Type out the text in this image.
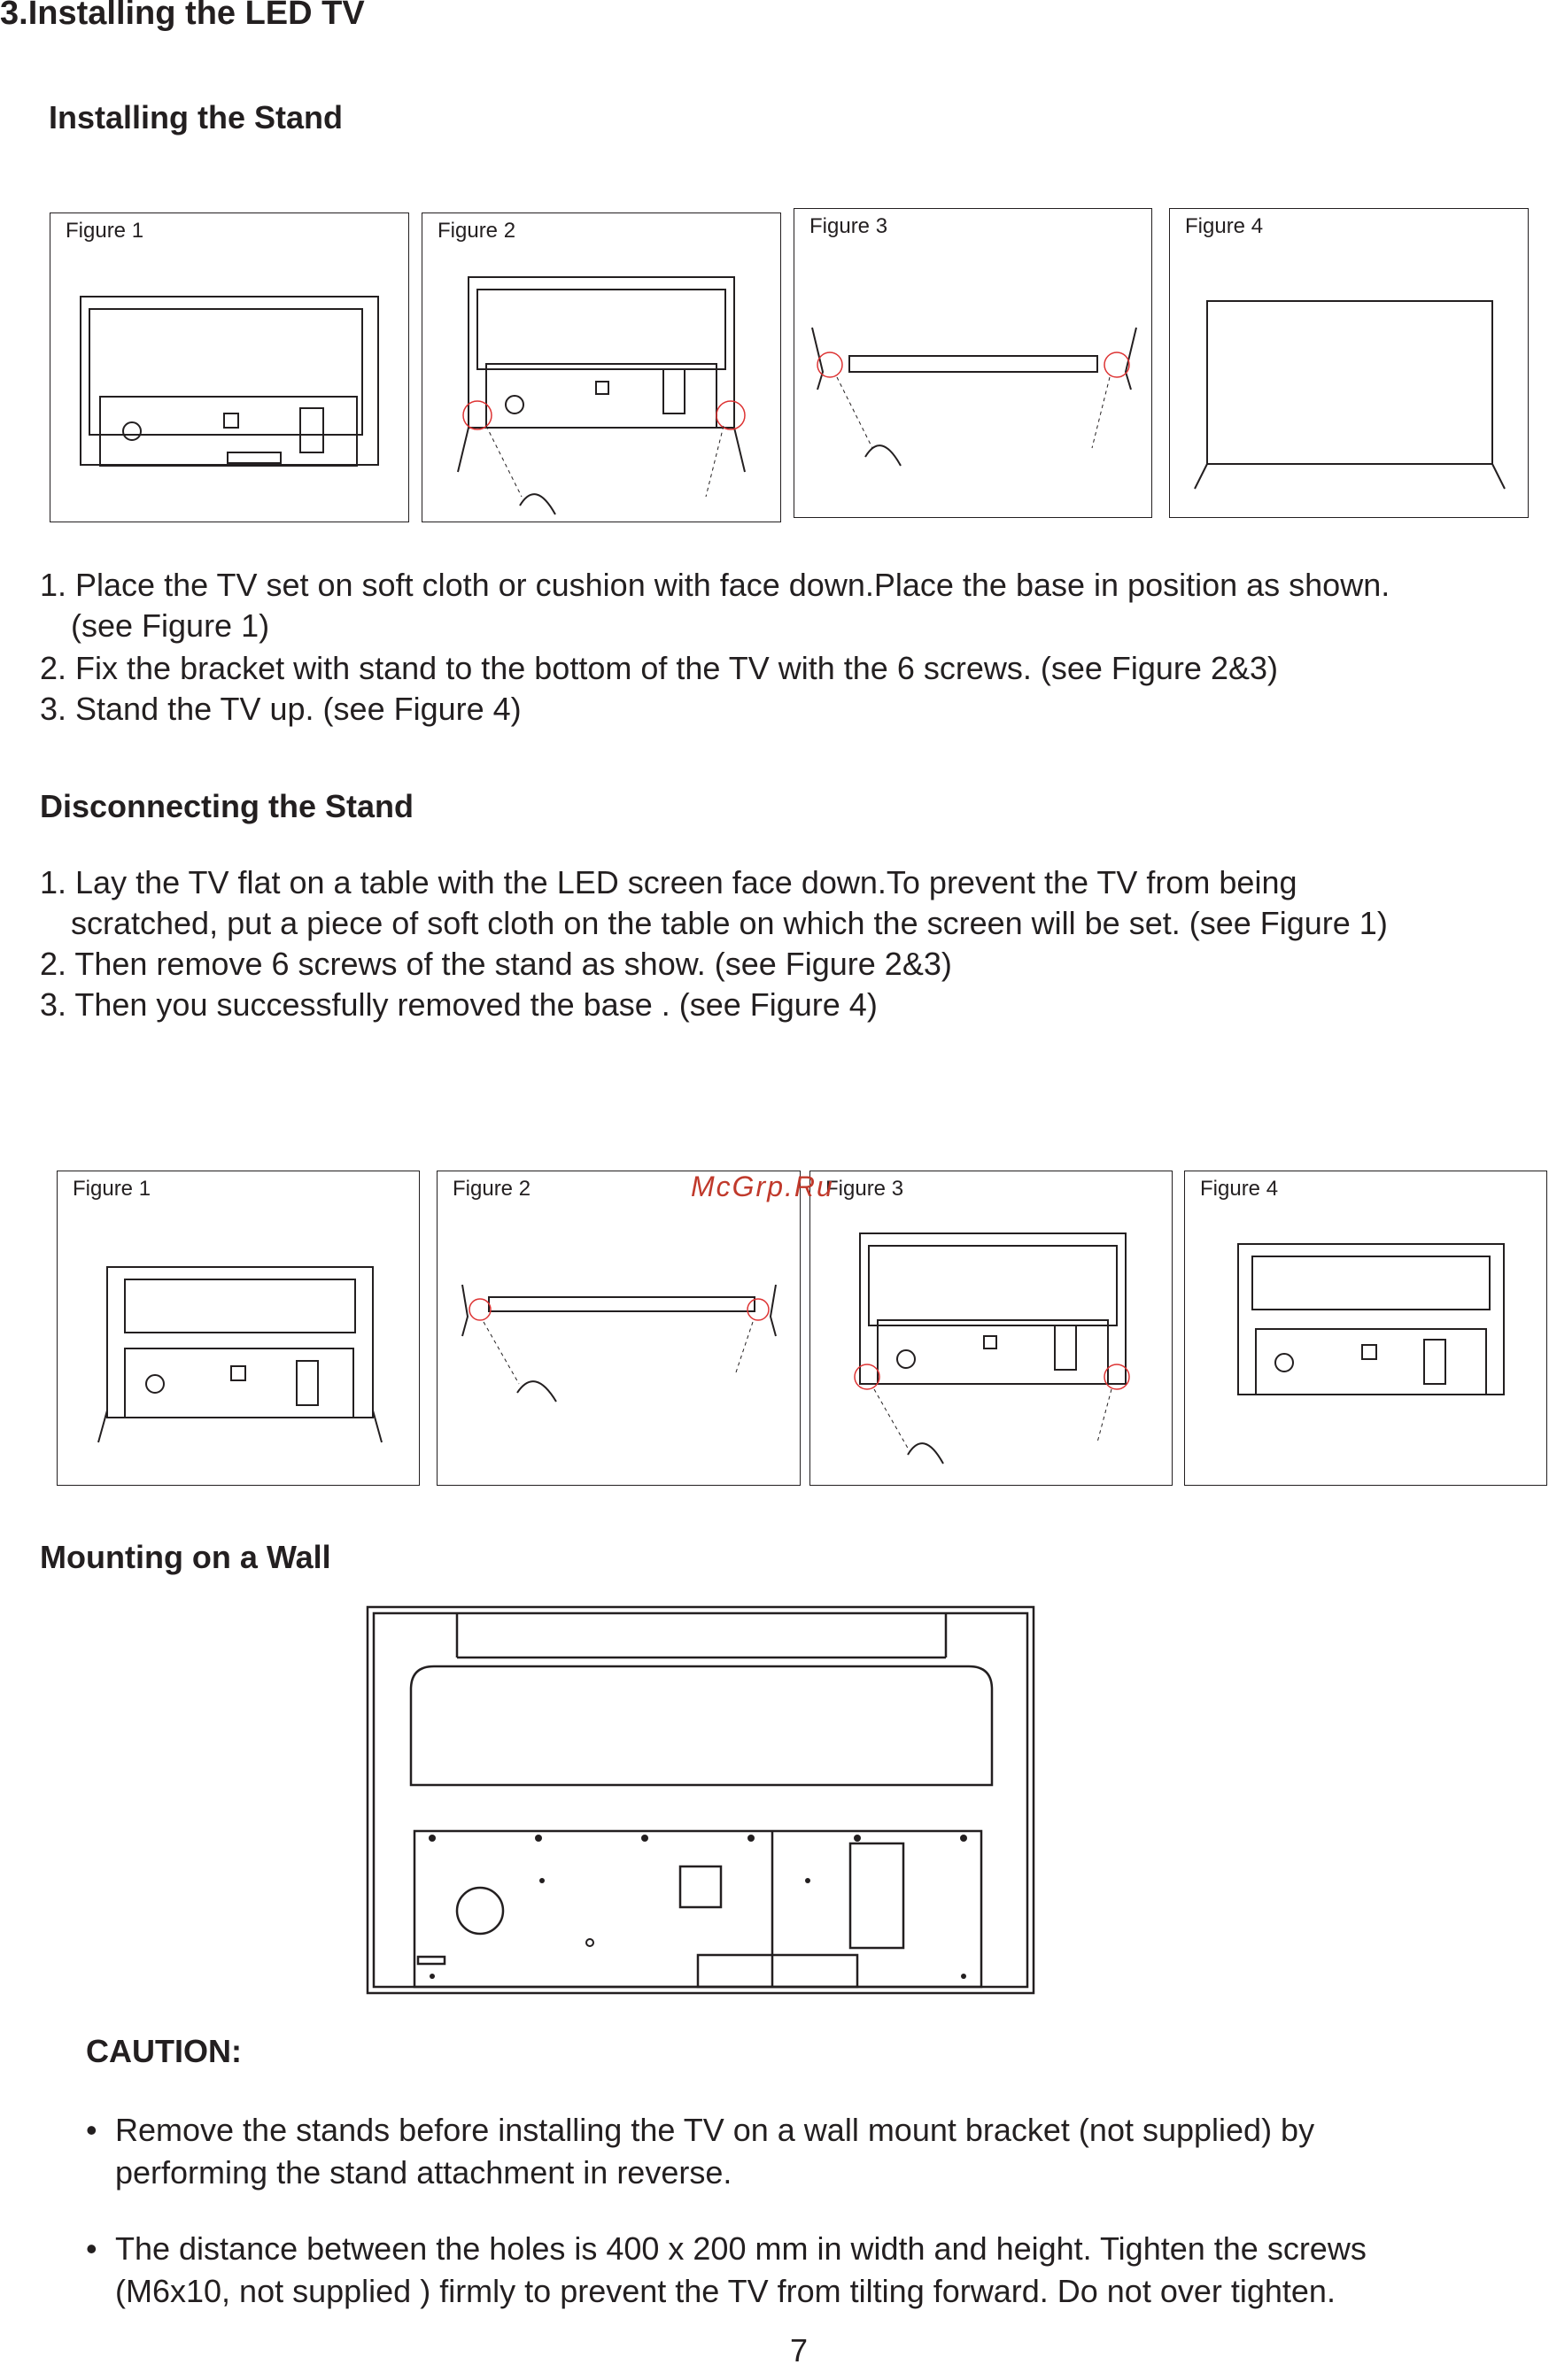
3.Installing the LED TV
Installing the Stand
Figure 1	Figure 2	Figure 3	Figure 4
1. Place the TV set on soft cloth or cushion with face down.Place the base in position as shown.
(see Figure 1)
2. Fix the bracket with stand to the bottom of the TV with the 6 screws. (see Figure 2&3)
3. Stand the TV up. (see Figure 4)
Disconnecting the Stand
1. Lay the TV flat on a table with the LED screen face down.To prevent the TV from being
scratched, put a piece of soft cloth on the table on which the screen will be set. (see Figure 1)
2. Then remove 6 screws of the stand as show. (see Figure 2&3)
3. Then you successfully removed the base . (see Figure 4)
Figure 1	Figure 2	Figure 3	Figure 4
McGrp.Ru
Mounting on a Wall
CAUTION:
• Remove the stands before installing the TV on a wall mount bracket (not supplied) by
performing the stand attachment in reverse.
• The distance between the holes is 400 x 200 mm in width and height. Tighten the screws
(M6x10, not supplied ) firmly to prevent the TV from tilting forward. Do not over tighten.
7
